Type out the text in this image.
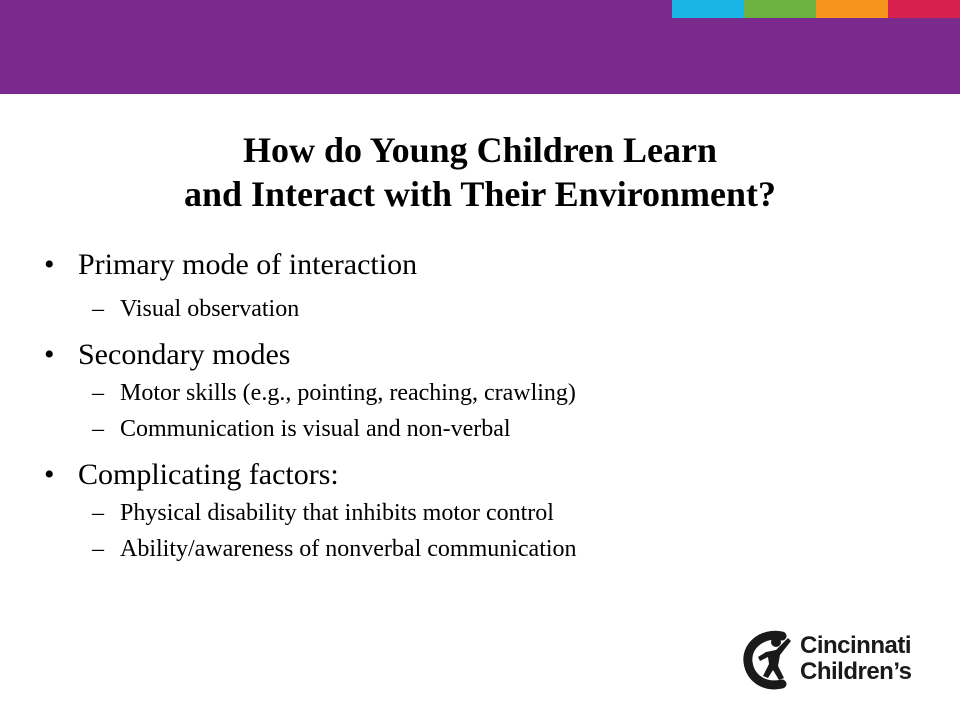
How do Young Children Learn
and Interact with Their Environment?
• Primary mode of interaction
– Visual observation
• Secondary modes
– Motor skills (e.g., pointing, reaching, crawling)
– Communication is visual and non-verbal
• Complicating factors:
– Physical disability that inhibits motor control
– Ability/awareness of nonverbal communication
Cincinnati
Children’s
